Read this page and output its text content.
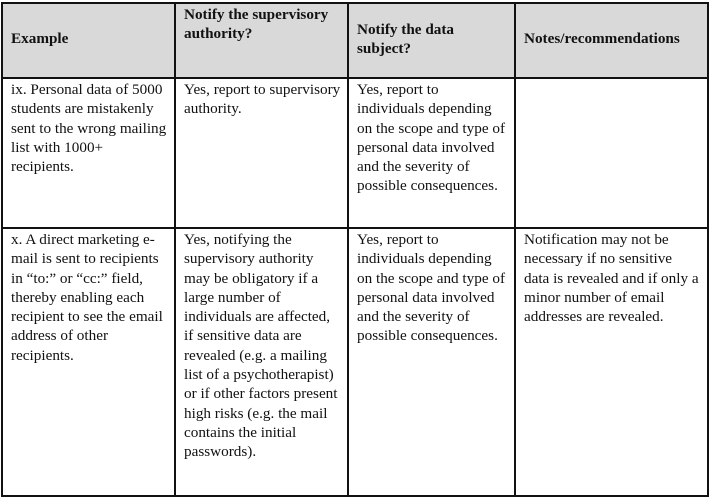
Example	Notify the supervisory authority?	Notify the data subject?	Notes/recommendations

ix. Personal data of 5000 students are mistakenly sent to the wrong mailing list with 1000+ recipients.	Yes, report to supervisory authority.	Yes, report to individuals depending on the scope and type of personal data involved and the severity of possible consequences.	

x. A direct marketing e-mail is sent to recipients in “to:” or “cc:” field, thereby enabling each recipient to see the email address of other recipients.	Yes, notifying the supervisory authority may be obligatory if a large number of individuals are affected, if sensitive data are revealed (e.g. a mailing list of a psychotherapist) or if other factors present high risks (e.g. the mail contains the initial passwords).	Yes, report to individuals depending on the scope and type of personal data involved and the severity of possible consequences.	Notification may not be necessary if no sensitive data is revealed and if only a minor number of email addresses are revealed.
